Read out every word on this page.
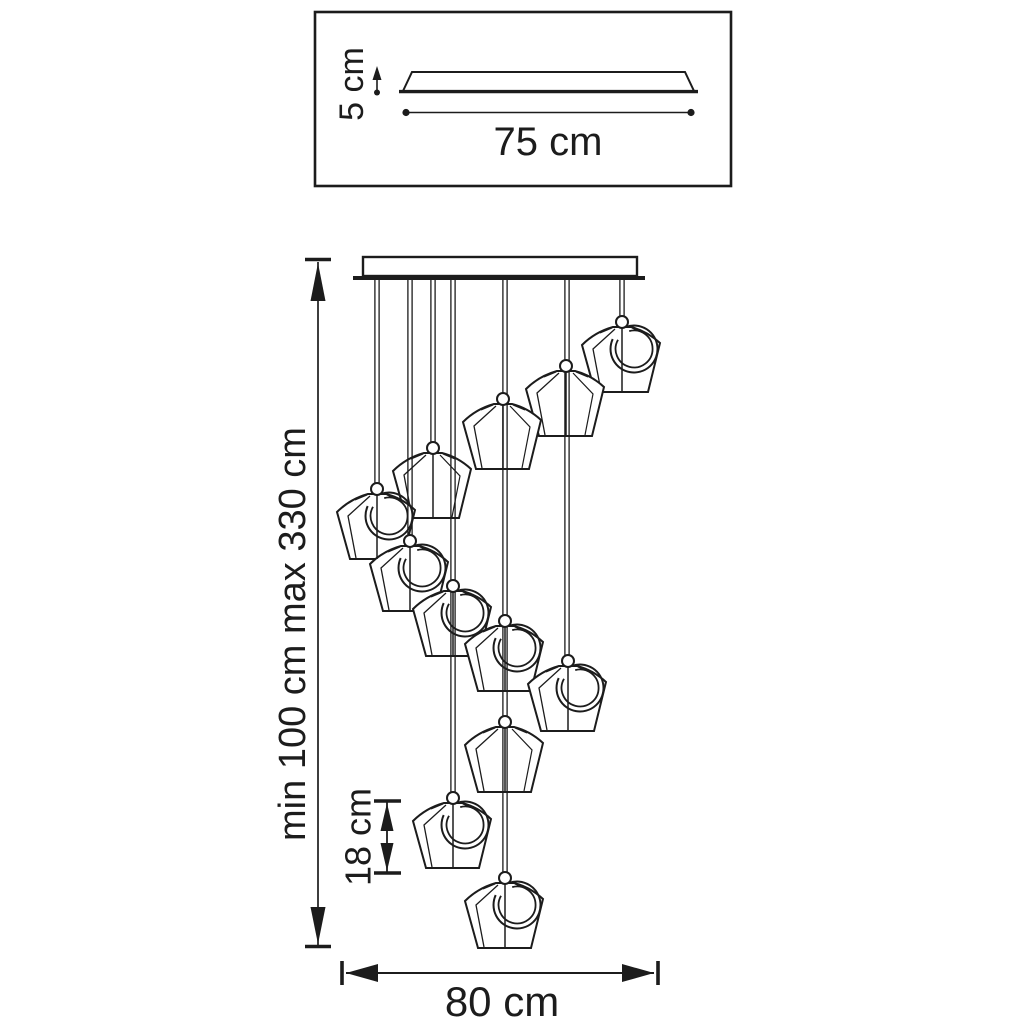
5 cm
75 cm
min 100 cm max 330 cm 18 cm
80 cm
